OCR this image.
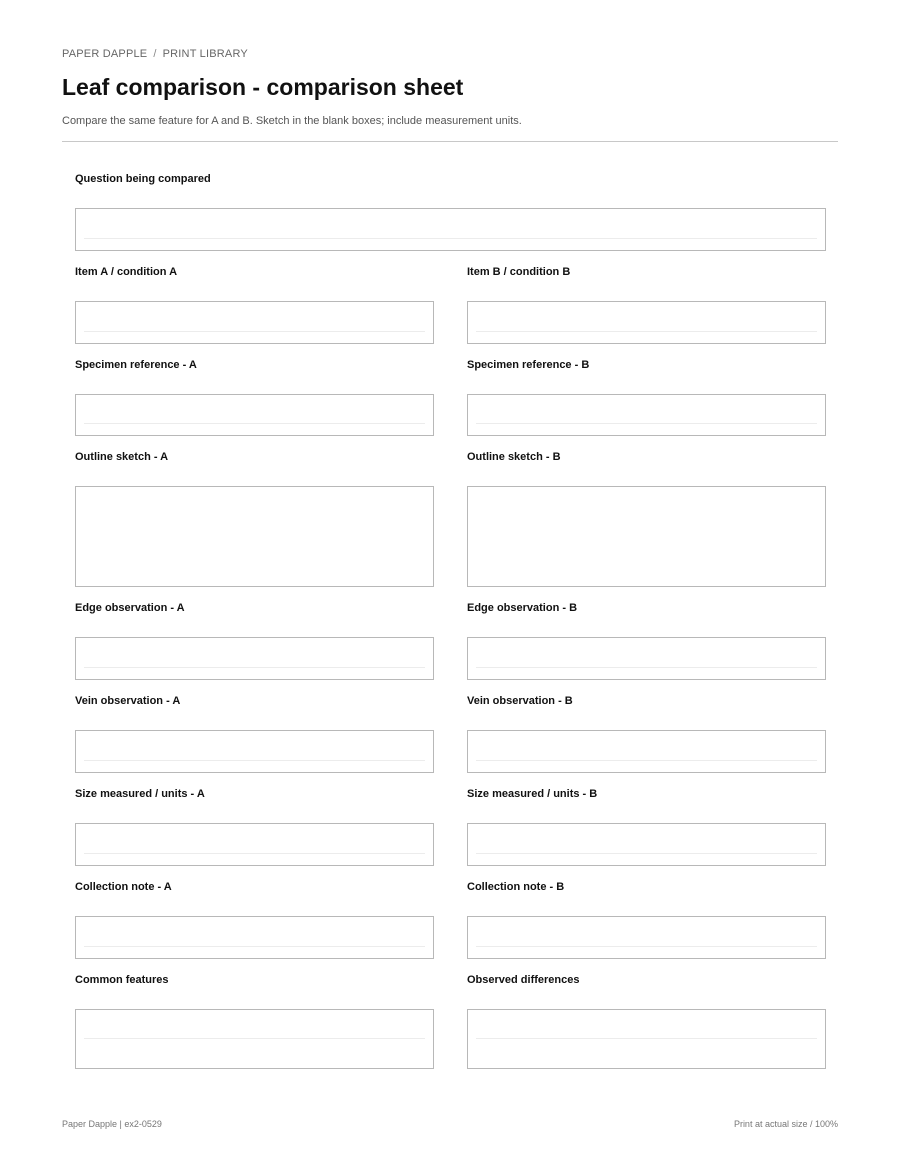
PAPER DAPPLE / PRINT LIBRARY
Leaf comparison - comparison sheet
Compare the same feature for A and B. Sketch in the blank boxes; include measurement units.
Question being compared
Item A / condition A	Item B / condition B
Specimen reference - A	Specimen reference - B
Outline sketch - A	Outline sketch - B
Edge observation - A	Edge observation - B
Vein observation - A	Vein observation - B
Size measured / units - A	Size measured / units - B
Collection note - A	Collection note - B
Common features	Observed differences
Paper Dapple | ex2-0529	Print at actual size / 100%
